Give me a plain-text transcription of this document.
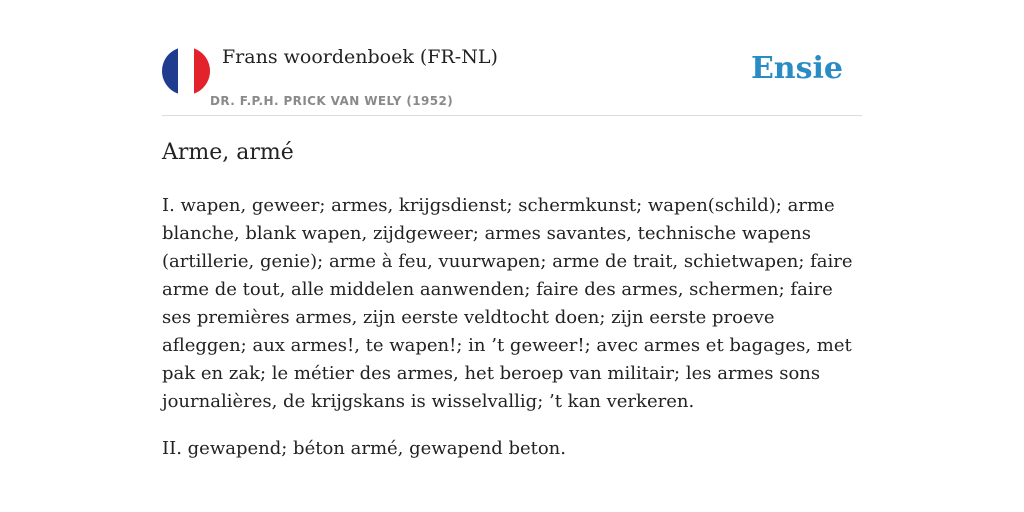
Frans woordenboek (FR-NL)
DR. F.P.H. PRICK VAN WELY (1952)
Ensie
Arme, armé

I. wapen, geweer; armes, krijgsdienst; schermkunst; wapen(schild); arme blanche, blank wapen, zijdgeweer; armes savantes, technische wapens (artillerie, genie); arme à feu, vuurwapen; arme de trait, schietwapen; faire arme de tout, alle middelen aanwenden; faire des armes, schermen; faire ses premières armes, zijn eerste veldtocht doen; zijn eerste proeve afleggen; aux armes!, te wapen!; in ’t geweer!; avec armes et bagages, met pak en zak; le métier des armes, het beroep van militair; les armes sons journalières, de krijgskans is wisselvallig; ’t kan verkeren.

II. gewapend; béton armé, gewapend beton.
